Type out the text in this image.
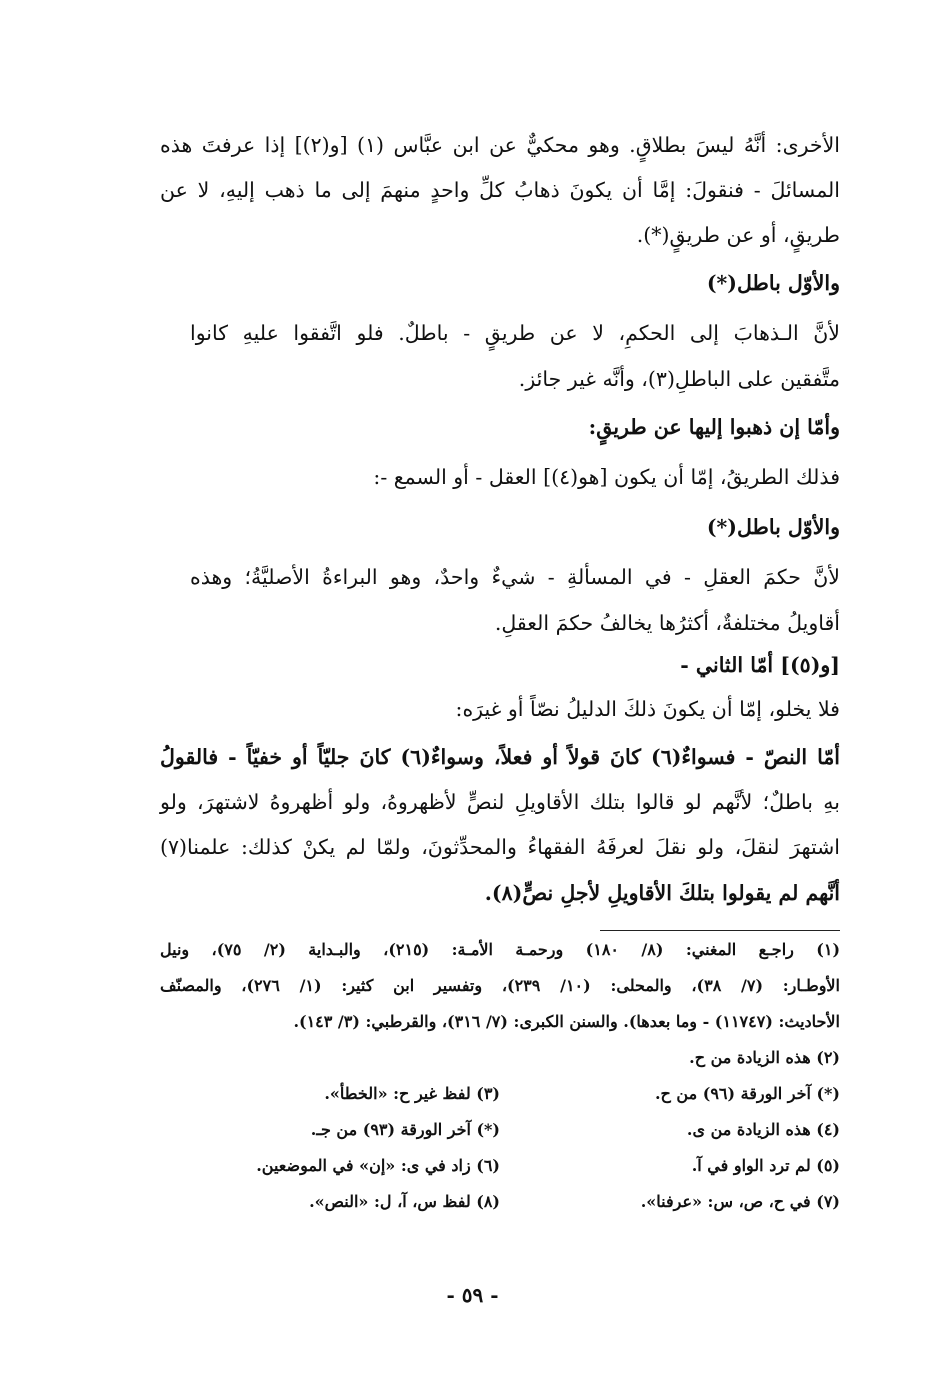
الأخرى: أنَّهُ ليسَ بطلاقٍ. وهو محكيٌّ عن ابن عبَّاس (١) [و(٢)] إذا عرفتَ هذه
المسائلَ - فنقولَ: إمَّا أن يكونَ ذهابُ كلِّ واحدٍ منهمَ إلى ما ذهب إليهِ، لا عن
طريقٍ، أو عن طريقٍ(*).
والأوّل باطل(*)
لأنَّ الـذهابَ إلى الحكمِ، لا عن طريقٍ - باطلٌ. فلو اتَّفقوا عليهِ كانوا
متَّفقين على الباطلِ(٣)، وأنَّه غير جائز.
وأمّا إن ذهبوا إليها عن طريقٍ:
فذلك الطريقُ، إمّا أن يكون [هو(٤)] العقل - أو السمع -:
والأوّل باطل(*)
لأنَّ حكمَ العقلِ - في المسألةِ - شيءٌ واحدٌ، وهو البراءةُ الأصليَّةُ؛ وهذه
أقاويلُ مختلفةٌ، أكثرُها يخالفُ حكمَ العقلِ.
[و(٥)] أمّا الثاني -
فلا يخلو، إمّا أن يكونَ ذلكَ الدليلُ نصّاً أو غيرَه:
أمّا النصّ - فسواءٌ(٦) كانَ قولاً أو فعلاً، وسواءٌ(٦) كانَ جليّاً أو خفيّاً - فالقولُ
بهِ باطلٌ؛ لأنَّهم لو قالوا بتلك الأقاويلِ لنصٍّ لأظهروهُ، ولو أظهروهُ لاشتهرَ، ولو
اشتهرَ لنقلَ، ولو نقلَ لعرفَهُ الفقهاءُ والمحدِّثونَ، ولمّا لم يكنْ كذلك: علمنا(٧)
أنَّهم لم يقولوا بتلكَ الأقاويلِ لأجلِ نصٍّ(٨).
(١) راجـع المغني: (٨/ ١٨٠) ورحمـة الأمـة: (٢١٥)، والبـداية (٢/ ٧٥)، ونيل
الأوطـار: (٧/ ٣٨)، والمحلى: (١٠/ ٢٣٩)، وتفسير ابن كثير: (١/ ٢٧٦)، والمصنّف
الأحاديث: (١١٧٤٧) - وما بعدها). والسنن الكبرى: (٧/ ٣١٦)، والقرطبي: (٣/ ١٤٣).
(٢) هذه الزيادة من ح.
(*) آخر الورقة (٩٦) من ح.
(٣) لفظ غير ح: «الخطأ».
(٤) هذه الزيادة من ى.
(*) آخر الورقة (٩٣) من جـ.
(٥) لم ترد الواو في آ.
(٦) زاد في ى: «إن» في الموضعين.
(٧) في ح، ص، س: «عرفنا».
(٨) لفظ س، آ، ل: «النص».
- ٥٩ -
